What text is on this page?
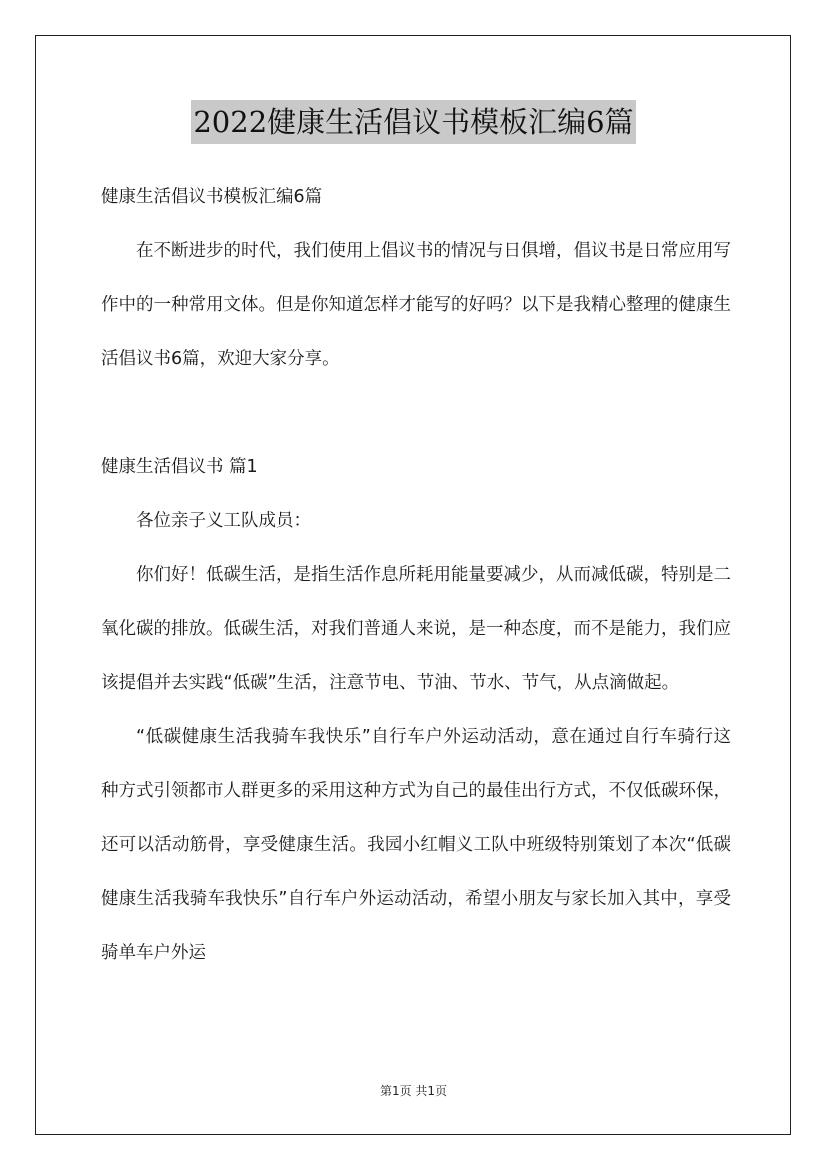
2022健康生活倡议书模板汇编6篇

健康生活倡议书模板汇编6篇

在不断进步的时代，我们使用上倡议书的情况与日俱增，倡议书是日常应用写作中的一种常用文体。但是你知道怎样才能写的好吗？以下是我精心整理的健康生活倡议书6篇，欢迎大家分享。

健康生活倡议书 篇1

各位亲子义工队成员：

你们好！低碳生活，是指生活作息所耗用能量要减少，从而减低碳，特别是二氧化碳的排放。低碳生活，对我们普通人来说，是一种态度，而不是能力，我们应该提倡并去实践“低碳”生活，注意节电、节油、节水、节气，从点滴做起。

“低碳健康生活我骑车我快乐”自行车户外运动活动，意在通过自行车骑行这种方式引领都市人群更多的采用这种方式为自己的最佳出行方式，不仅低碳环保，还可以活动筋骨，享受健康生活。我园小红帽义工队中班级特别策划了本次“低碳健康生活我骑车我快乐”自行车户外运动活动，希望小朋友与家长加入其中，享受骑单车户外运

第1页 共1页
